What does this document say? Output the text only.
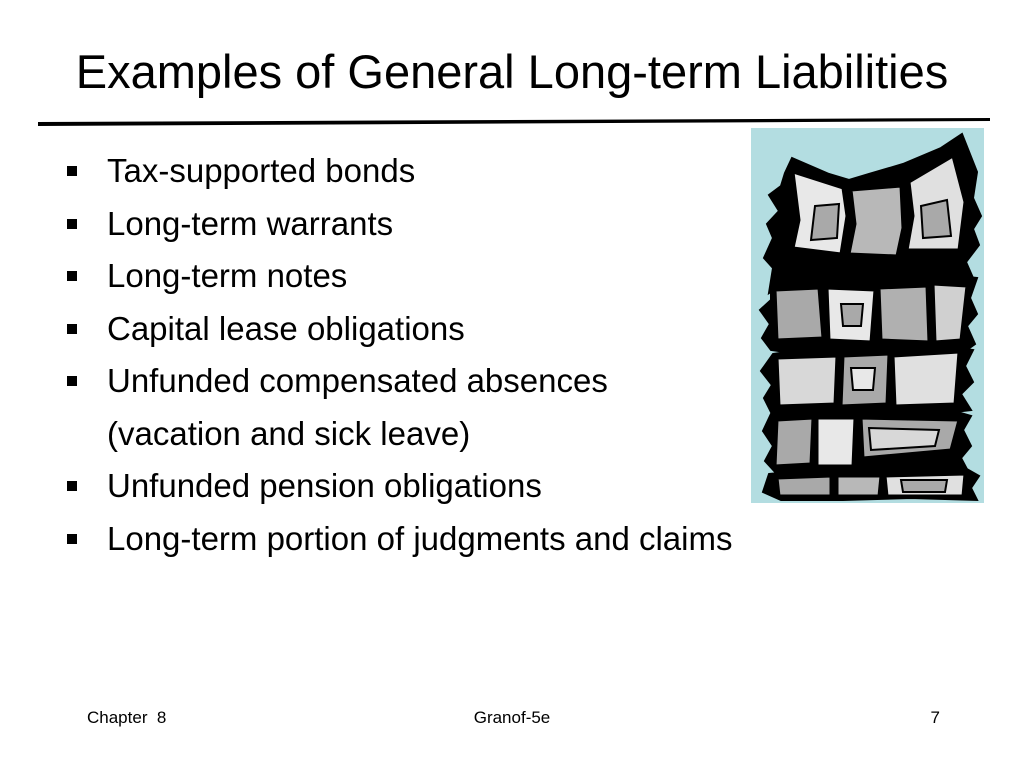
Examples of General Long-term Liabilities
Tax-supported bonds
Long-term warrants
Long-term notes
Capital lease obligations
Unfunded compensated absences
(vacation and sick leave)
Unfunded pension obligations
Long-term portion of judgments and claims
Chapter  8	Granof-5e	7
